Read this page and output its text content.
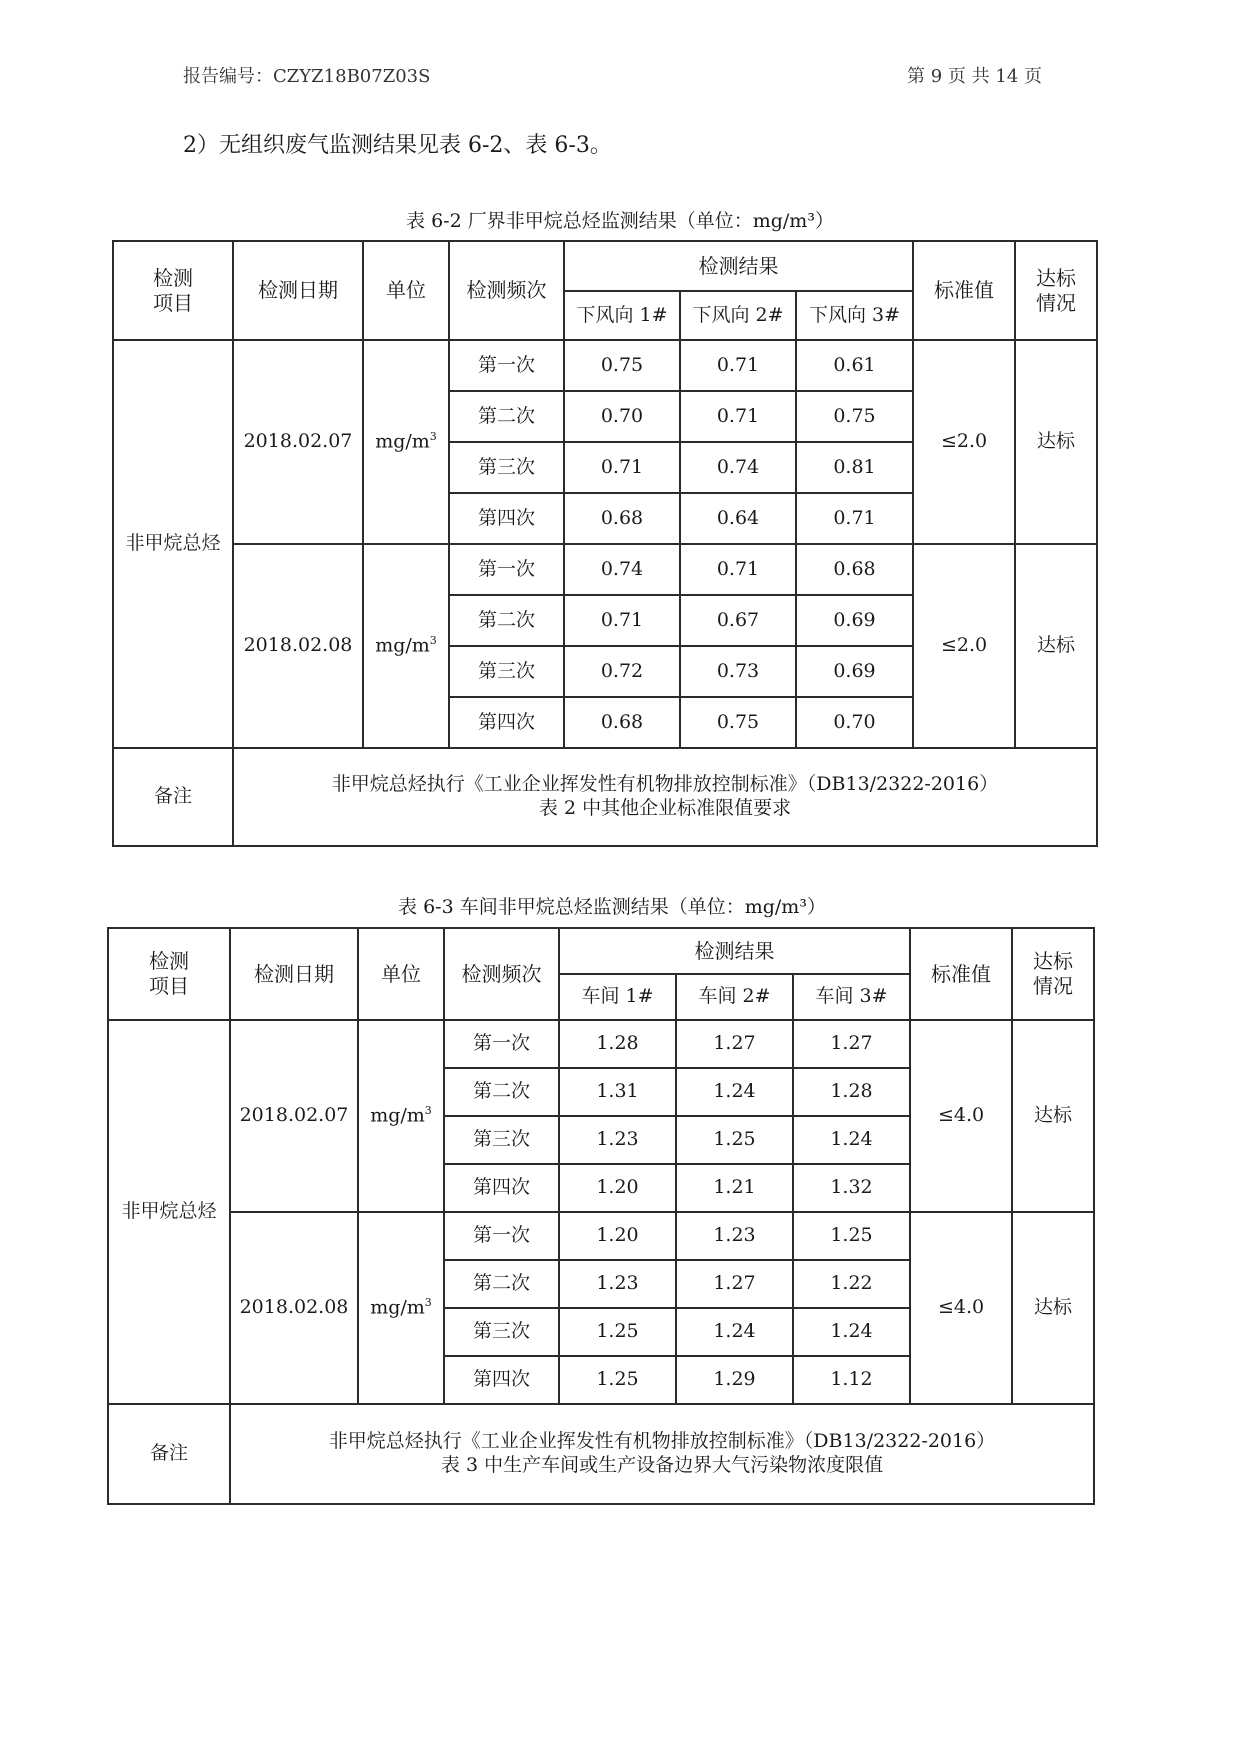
报告编号：CZYZ18B07Z03S	第 9 页 共 14 页
2）无组织废气监测结果见表 6-2、表 6-3。
表 6-2 厂界非甲烷总烃监测结果（单位：mg/m³）
检测
项目	检测日期	单位	检测频次	检测结果			标准值	达标
情况
				下风向 1#	下风向 2#	下风向 3#		
非甲烷总烃	2018.02.07	$mg/m^3$	第一次	0.75	0.71	0.61	≤2.0	达标
			第二次	0.70	0.71	0.75		
			第三次	0.71	0.74	0.81		
			第四次	0.68	0.64	0.71		
	2018.02.08	$mg/m^3$	第一次	0.74	0.71	0.68	≤2.0	达标
			第二次	0.71	0.67	0.69		
			第三次	0.72	0.73	0.69		
			第四次	0.68	0.75	0.70		
备注	非甲烷总烃执行《工业企业挥发性有机物排放控制标准》（DB13/2322-2016）
表 2 中其他企业标准限值要求							
表 6-3 车间非甲烷总烃监测结果（单位：mg/m³）
检测
项目	检测日期	单位	检测频次	检测结果			标准值	达标
情况
				车间 1#	车间 2#	车间 3#		
非甲烷总烃	2018.02.07	$mg/m^3$	第一次	1.28	1.27	1.27	≤4.0	达标
			第二次	1.31	1.24	1.28		
			第三次	1.23	1.25	1.24		
			第四次	1.20	1.21	1.32		
	2018.02.08	$mg/m^3$	第一次	1.20	1.23	1.25	≤4.0	达标
			第二次	1.23	1.27	1.22		
			第三次	1.25	1.24	1.24		
			第四次	1.25	1.29	1.12		
备注	非甲烷总烃执行《工业企业挥发性有机物排放控制标准》（DB13/2322-2016）
表 3 中生产车间或生产设备边界大气污染物浓度限值							
